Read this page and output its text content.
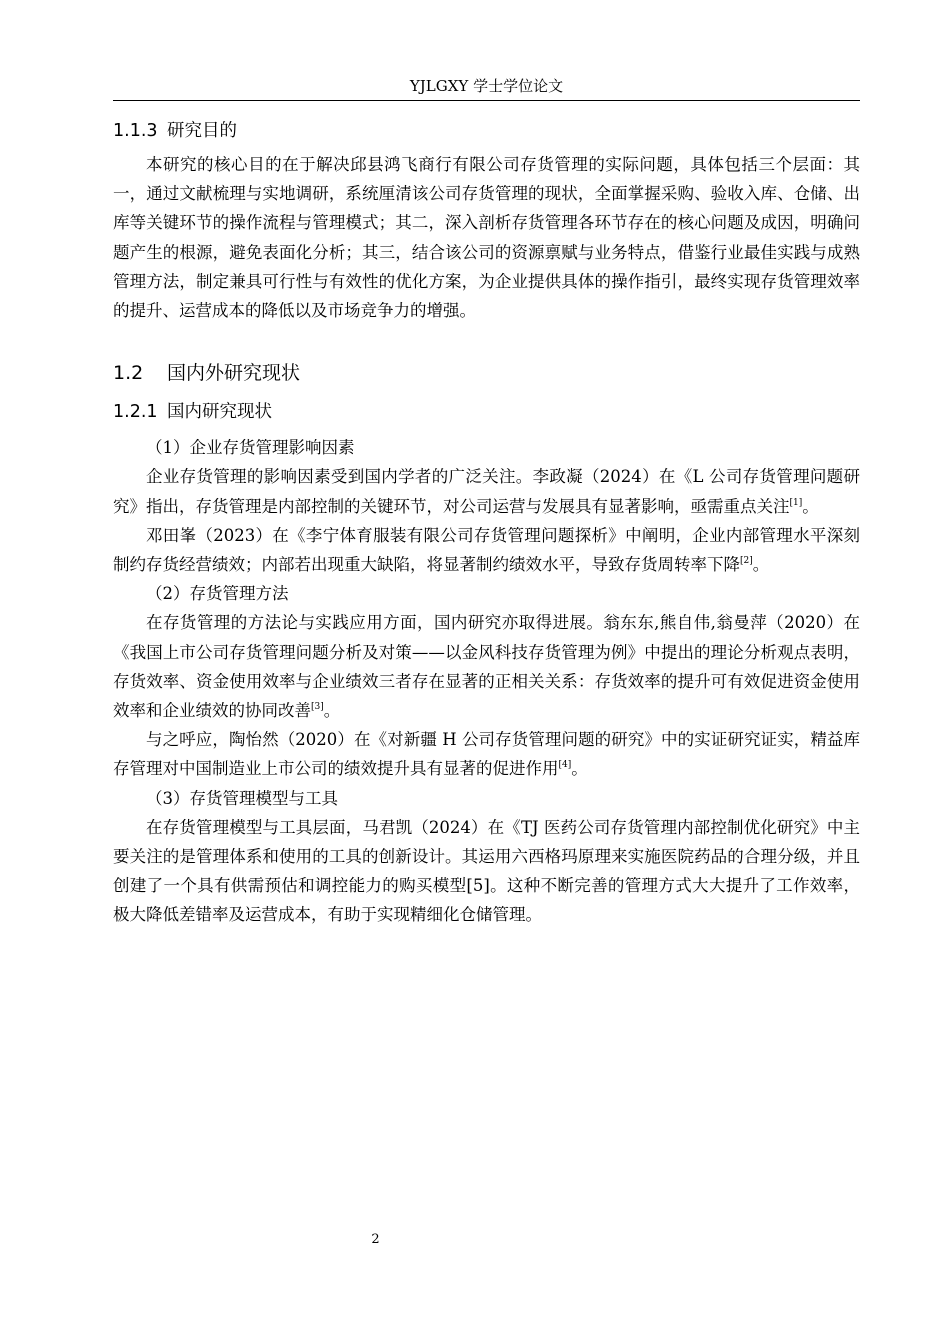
YJLGXY 学士学位论文
1.1.3 研究目的

本研究的核心目的在于解决邱县鸿飞商行有限公司存货管理的实际问题，具体包括三个层面：其一，通过文献梳理与实地调研，系统厘清该公司存货管理的现状，全面掌握采购、验收入库、仓储、出库等关键环节的操作流程与管理模式；其二，深入剖析存货管理各环节存在的核心问题及成因，明确问题产生的根源，避免表面化分析；其三，结合该公司的资源禀赋与业务特点，借鉴行业最佳实践与成熟管理方法，制定兼具可行性与有效性的优化方案，为企业提供具体的操作指引，最终实现存货管理效率的提升、运营成本的降低以及市场竞争力的增强。

1.2 国内外研究现状
1.2.1 国内研究现状
（1）企业存货管理影响因素

企业存货管理的影响因素受到国内学者的广泛关注。李政凝（2024）在《L 公司存货管理问题研究》指出，存货管理是内部控制的关键环节，对公司运营与发展具有显著影响，亟需重点关注[1]。

邓田峯（2023）在《李宁体育服装有限公司存货管理问题探析》中阐明，企业内部管理水平深刻制约存货经营绩效；内部若出现重大缺陷，将显著制约绩效水平，导致存货周转率下降[2]。

（2）存货管理方法

在存货管理的方法论与实践应用方面，国内研究亦取得进展。翁东东,熊自伟,翁曼萍（2020）在《我国上市公司存货管理问题分析及对策——以金风科技存货管理为例》中提出的理论分析观点表明，存货效率、资金使用效率与企业绩效三者存在显著的正相关关系：存货效率的提升可有效促进资金使用效率和企业绩效的协同改善[3]。

与之呼应，陶怡然（2020）在《对新疆 H 公司存货管理问题的研究》中的实证研究证实，精益库存管理对中国制造业上市公司的绩效提升具有显著的促进作用[4]。

（3）存货管理模型与工具

在存货管理模型与工具层面，马君凯（2024）在《TJ 医药公司存货管理内部控制优化研究》中主要关注的是管理体系和使用的工具的创新设计。其运用六西格玛原理来实施医院药品的合理分级，并且创建了一个具有供需预估和调控能力的购买模型[5]。这种不断完善的管理方式大大提升了工作效率，极大降低差错率及运营成本，有助于实现精细化仓储管理。

2
